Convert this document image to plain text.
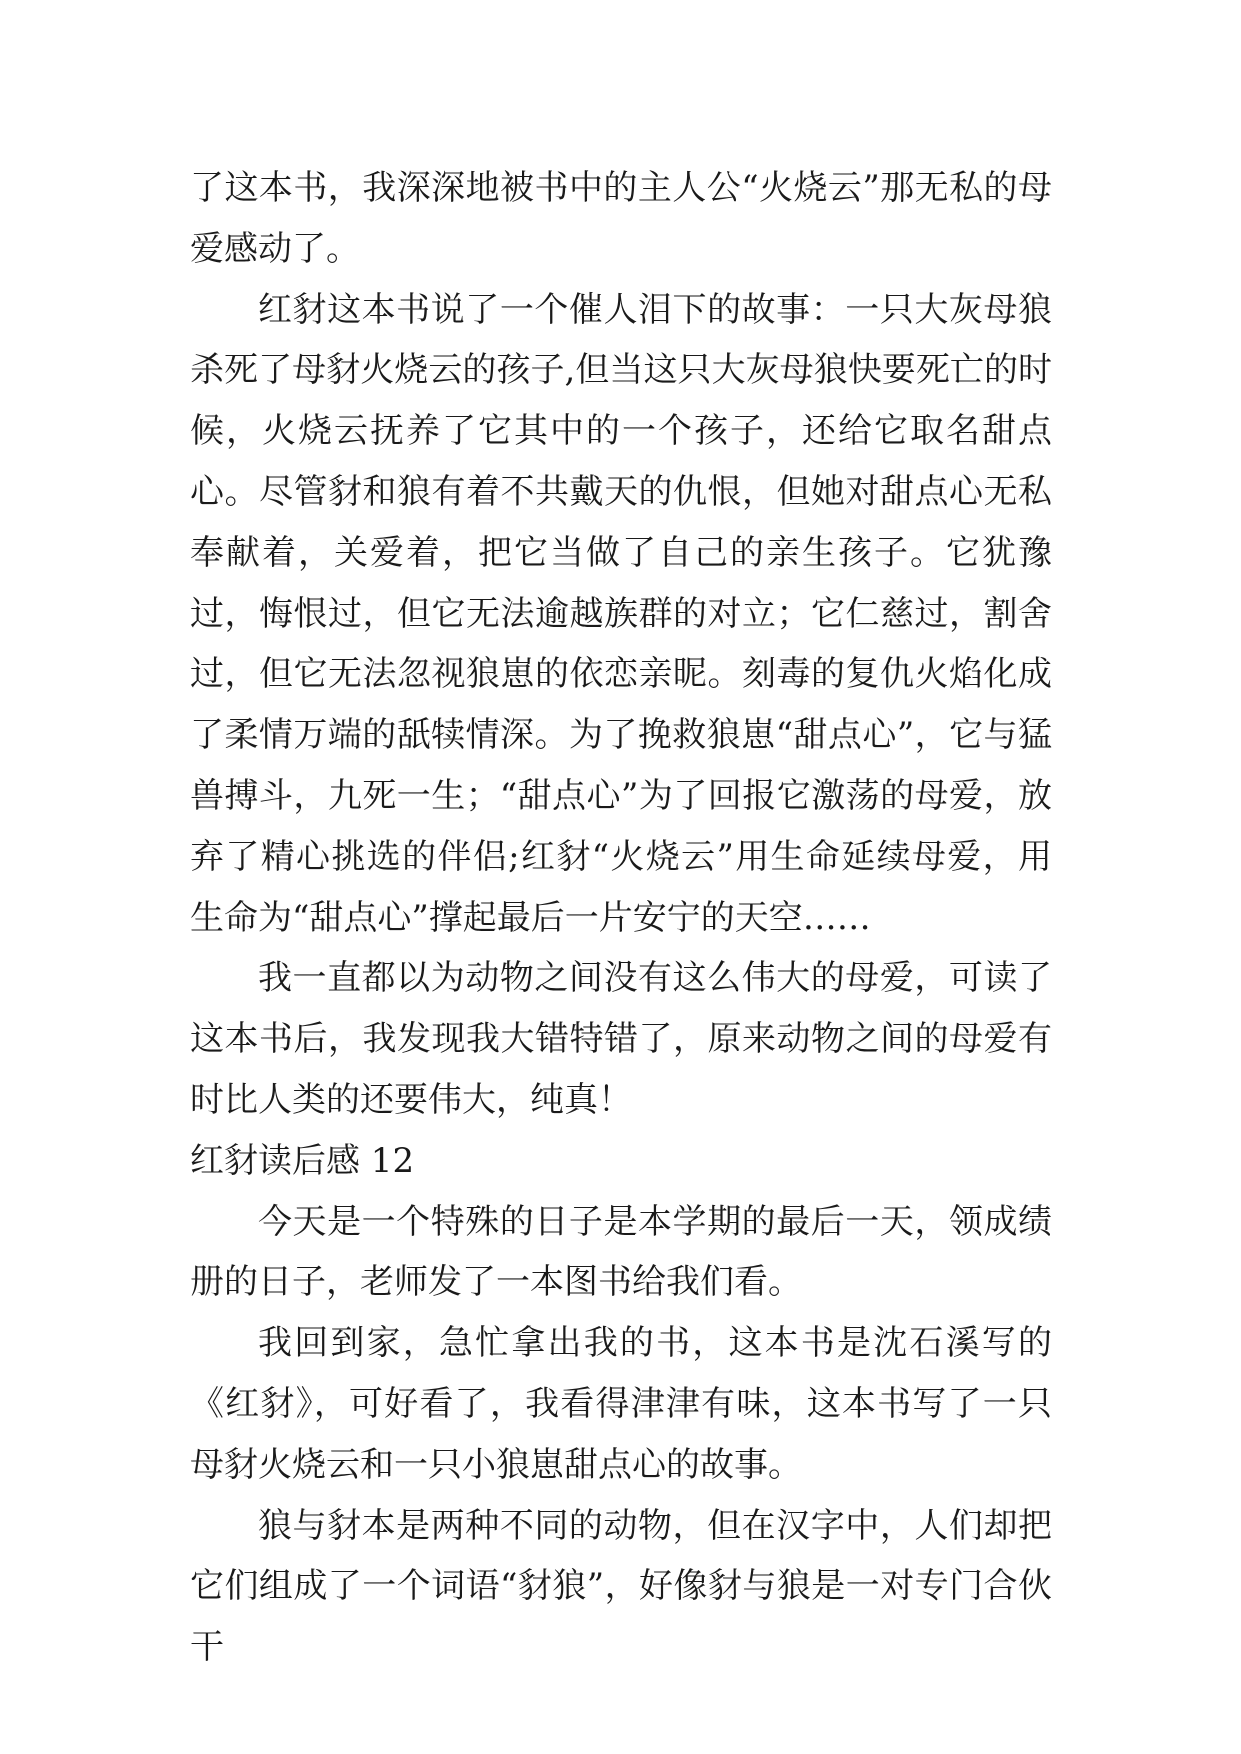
了这本书，我深深地被书中的主人公“火烧云”那无私的母爱感动了。

红豺这本书说了一个催人泪下的故事：一只大灰母狼杀死了母豺火烧云的孩子,但当这只大灰母狼快要死亡的时候，火烧云抚养了它其中的一个孩子，还给它取名甜点心。尽管豺和狼有着不共戴天的仇恨，但她对甜点心无私奉献着，关爱着，把它当做了自己的亲生孩子。它犹豫过，悔恨过，但它无法逾越族群的对立；它仁慈过，割舍过，但它无法忽视狼崽的依恋亲昵。刻毒的复仇火焰化成了柔情万端的舐犊情深。为了挽救狼崽“甜点心”，它与猛兽搏斗，九死一生；“甜点心”为了回报它激荡的母爱，放弃了精心挑选的伴侣;红豺“火烧云”用生命延续母爱，用生命为“甜点心”撑起最后一片安宁的天空……

我一直都以为动物之间没有这么伟大的母爱，可读了这本书后，我发现我大错特错了，原来动物之间的母爱有时比人类的还要伟大，纯真！

红豺读后感 12

今天是一个特殊的日子是本学期的最后一天，领成绩册的日子，老师发了一本图书给我们看。

我回到家，急忙拿出我的书，这本书是沈石溪写的《红豺》，可好看了，我看得津津有味，这本书写了一只母豺火烧云和一只小狼崽甜点心的故事。

狼与豺本是两种不同的动物，但在汉字中，人们却把它们组成了一个词语“豺狼”，好像豺与狼是一对专门合伙干
